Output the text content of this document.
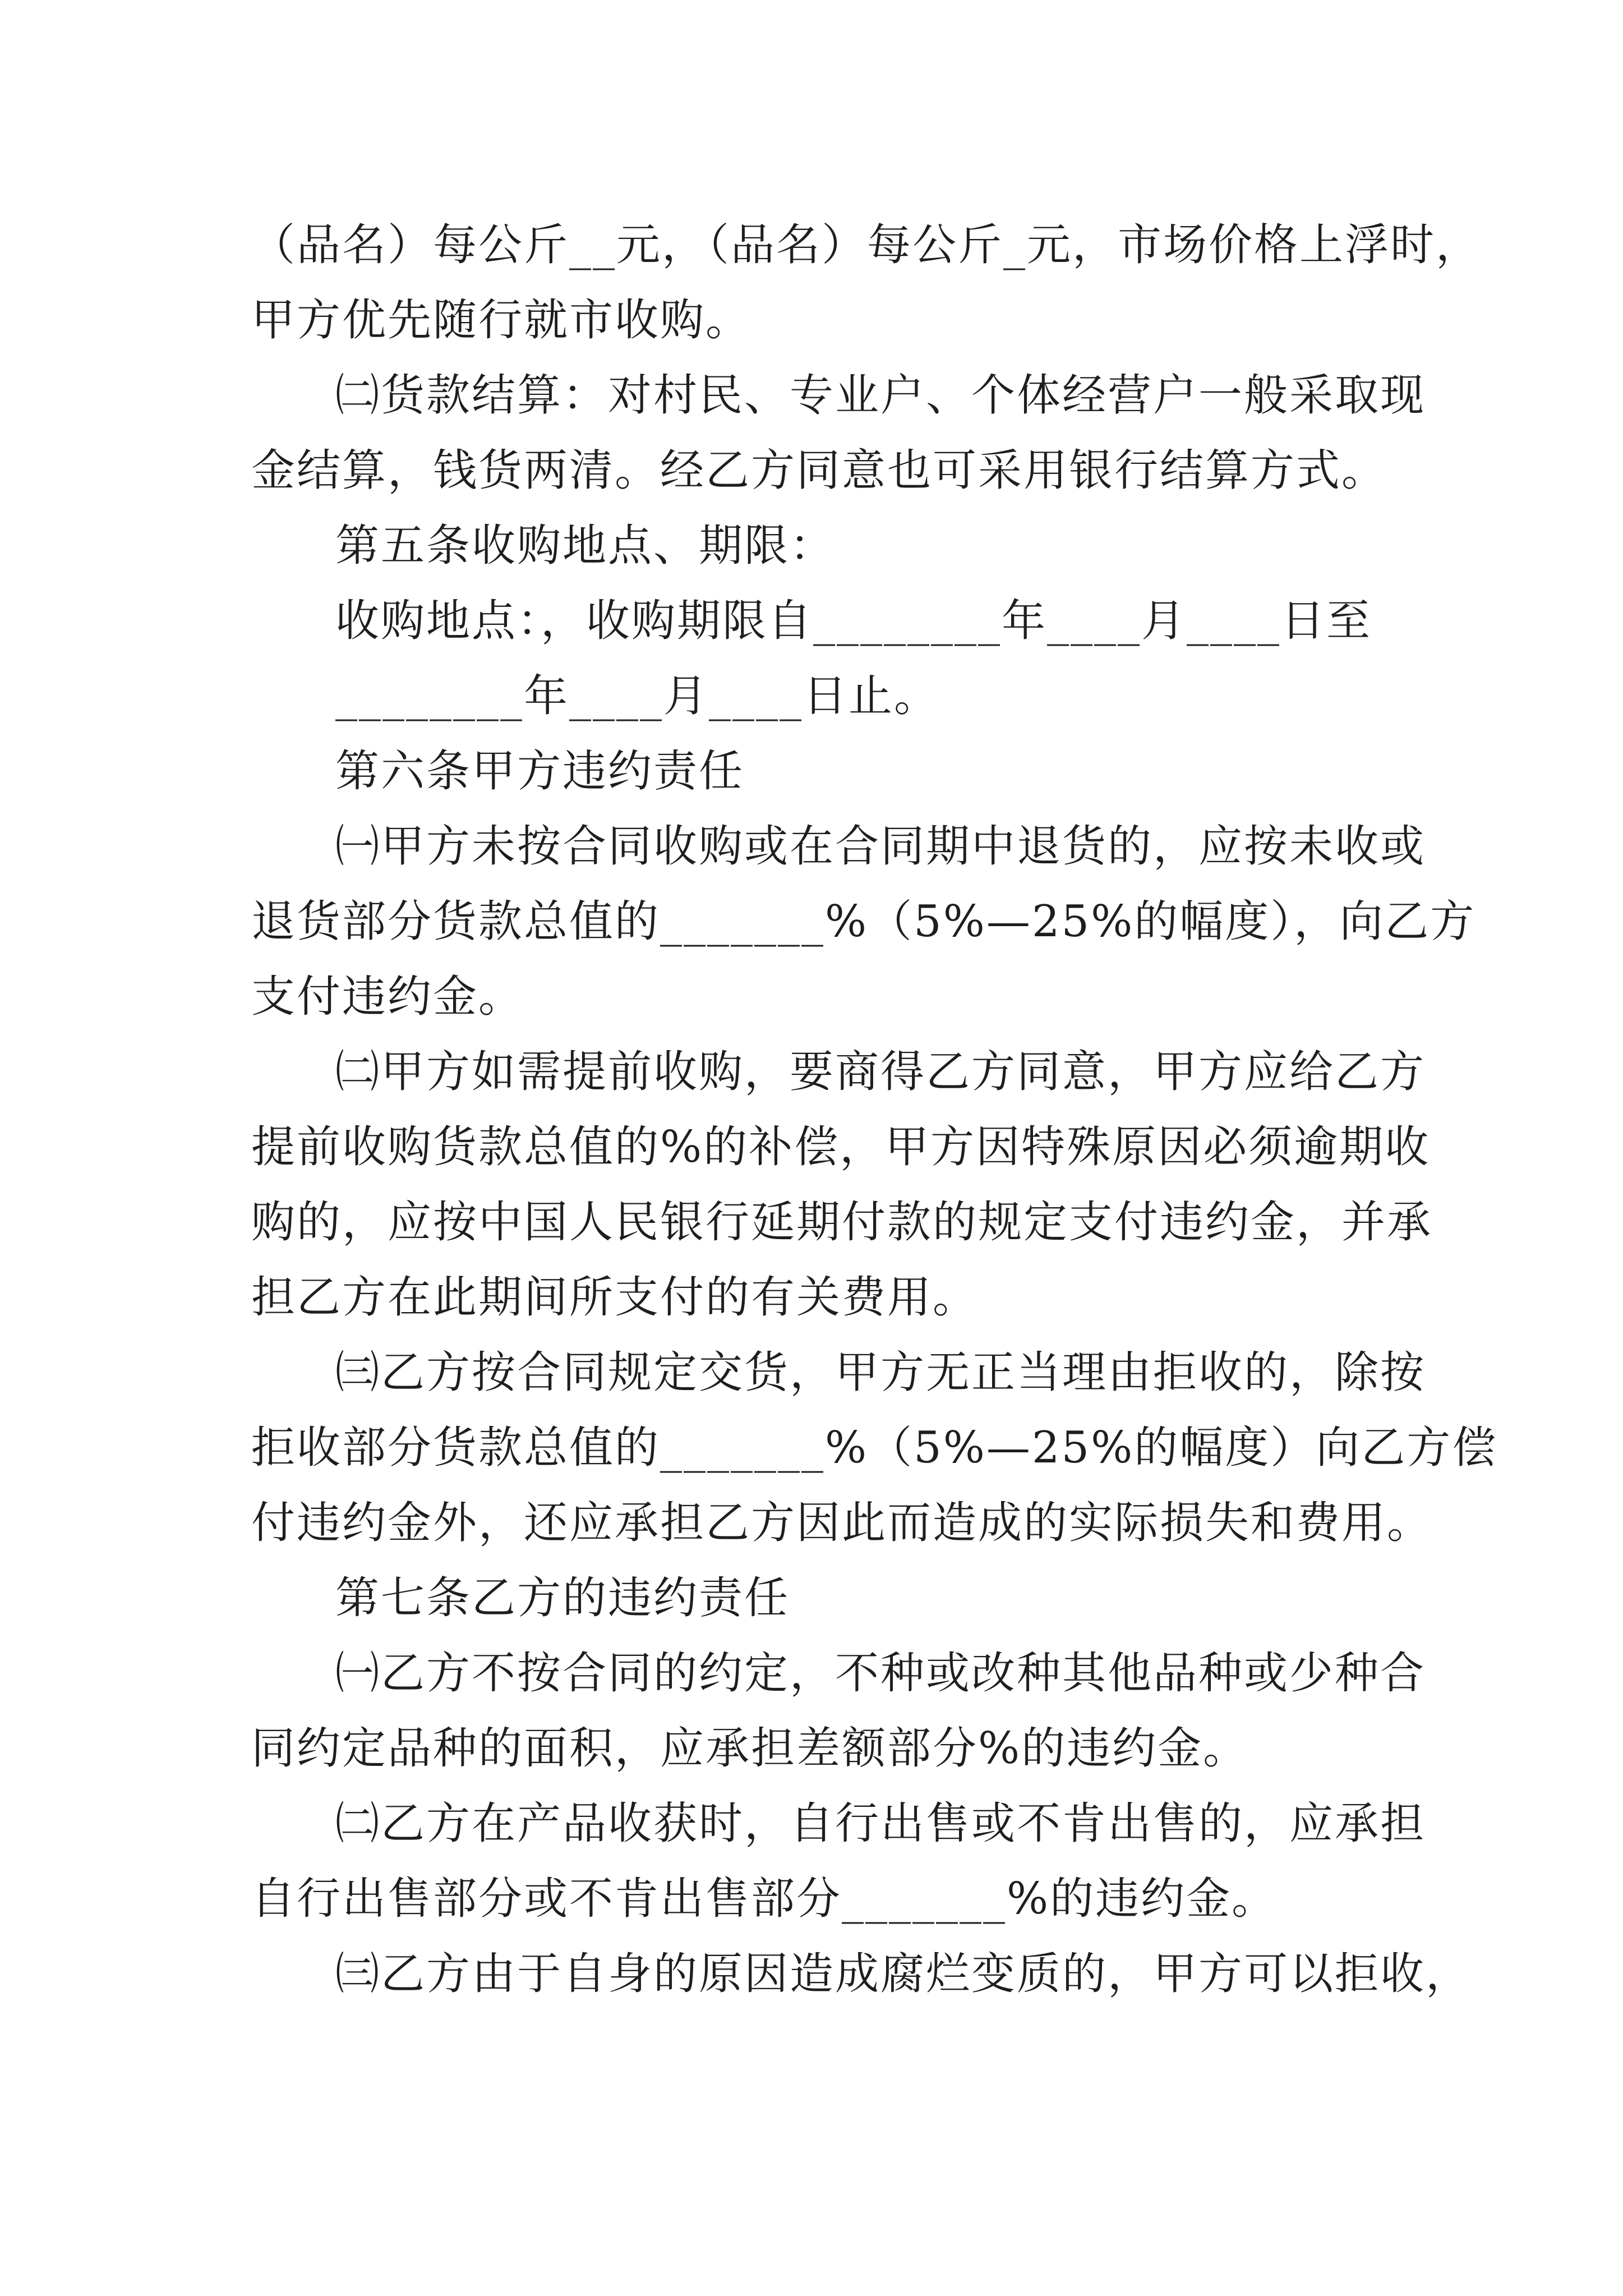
（品名）每公斤__元，（品名）每公斤_元，市场价格上浮时，
甲方优先随行就市收购。
㈡货款结算：对村民、专业户、个体经营户一般采取现
金结算，钱货两清。经乙方同意也可采用银行结算方式。
第五条收购地点、期限：
收购地点：，收购期限自________年____月____日至
________年____月____日止。
第六条甲方违约责任
㈠甲方未按合同收购或在合同期中退货的，应按未收或
退货部分货款总值的_______%（5%—25%的幅度），向乙方
支付违约金。
㈡甲方如需提前收购，要商得乙方同意，甲方应给乙方
提前收购货款总值的%的补偿，甲方因特殊原因必须逾期收
购的，应按中国人民银行延期付款的规定支付违约金，并承
担乙方在此期间所支付的有关费用。
㈢乙方按合同规定交货，甲方无正当理由拒收的，除按
拒收部分货款总值的_______%（5%—25%的幅度）向乙方偿
付违约金外，还应承担乙方因此而造成的实际损失和费用。
第七条乙方的违约责任
㈠乙方不按合同的约定，不种或改种其他品种或少种合
同约定品种的面积，应承担差额部分%的违约金。
㈡乙方在产品收获时，自行出售或不肯出售的，应承担
自行出售部分或不肯出售部分_______%的违约金。
㈢乙方由于自身的原因造成腐烂变质的，甲方可以拒收，
